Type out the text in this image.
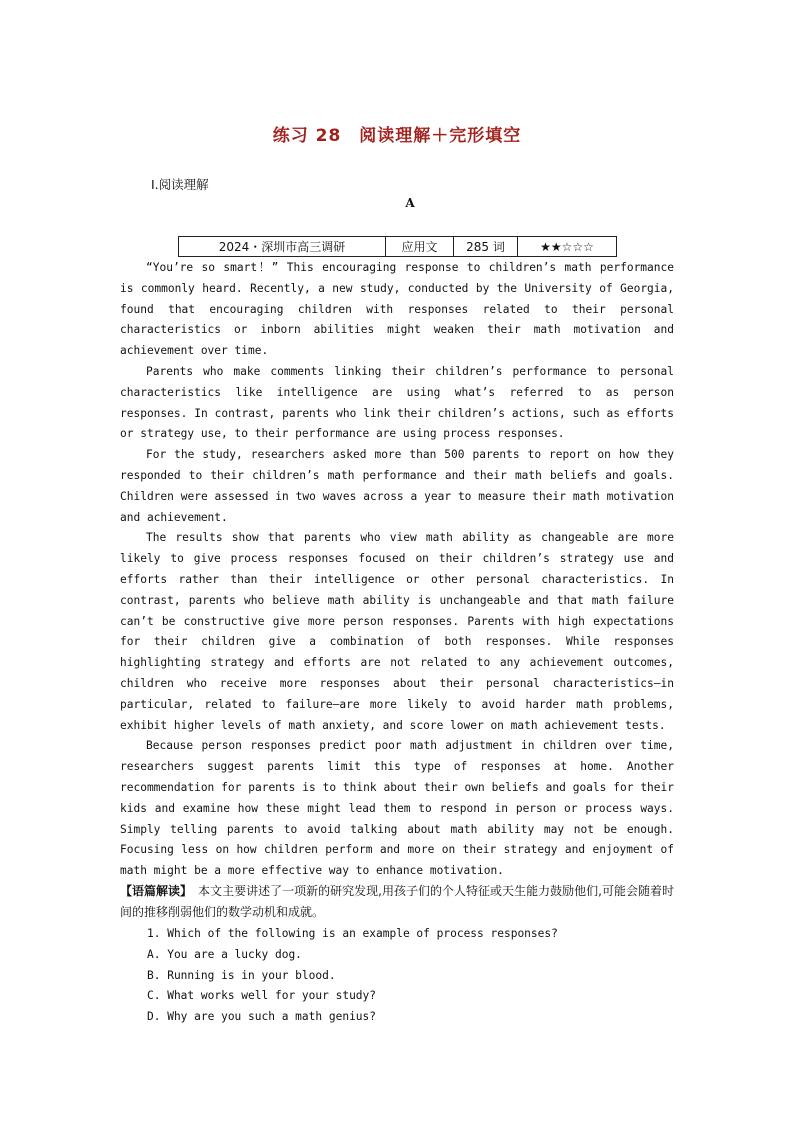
练习 28　阅读理解＋完形填空
Ⅰ.阅读理解
A
2024・深圳市高三调研	应用文	285 词	★★☆☆☆

“You’re so smart！” This encouraging response to children’s math performance is commonly heard. Recently, a new study, conducted by the University of Georgia, found that encouraging children with responses related to their personal characteristics or inborn abilities might weaken their math motivation and achievement over time.

Parents who make comments linking their children’s performance to personal characteristics like intelligence are using what’s referred to as person responses. In contrast, parents who link their children’s actions, such as efforts or strategy use, to their performance are using process responses.

For the study, researchers asked more than 500 parents to report on how they responded to their children’s math performance and their math beliefs and goals. Children were assessed in two waves across a year to measure their math motivation and achievement.

The results show that parents who view math ability as changeable are more likely to give process responses focused on their children’s strategy use and efforts rather than their intelligence or other personal characteristics. In contrast, parents who believe math ability is unchangeable and that math failure can’t be constructive give more person responses. Parents with high expectations for their children give a combination of both responses. While responses highlighting strategy and efforts are not related to any achievement outcomes, children who receive more responses about their personal characteristics—in particular, related to failure—are more likely to avoid harder math problems, exhibit higher levels of math anxiety, and score lower on math achievement tests.

Because person responses predict poor math adjustment in children over time, researchers suggest parents limit this type of responses at home. Another recommendation for parents is to think about their own beliefs and goals for their kids and examine how these might lead them to respond in person or process ways. Simply telling parents to avoid talking about math ability may not be enough. Focusing less on how children perform and more on their strategy and enjoyment of math might be a more effective way to enhance motivation.

【语篇解读】　本文主要讲述了一项新的研究发现,用孩子们的个人特征或天生能力鼓励他们,可能会随着时间的推移削弱他们的数学动机和成就。
1. Which of the following is an example of process responses?
A. You are a lucky dog.
B. Running is in your blood.
C. What works well for your study?
D. Why are you such a math genius?
